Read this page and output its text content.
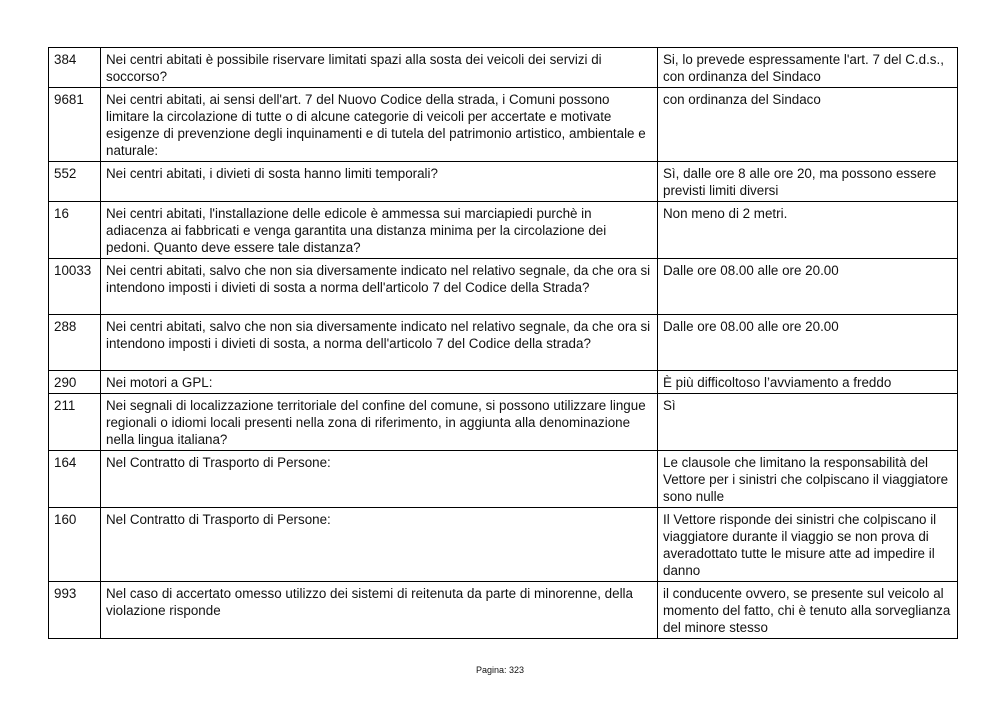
384	Nei centri abitati è possibile riservare limitati spazi alla sosta dei veicoli dei servizi di soccorso?	Si, lo prevede espressamente l'art. 7 del C.d.s., con ordinanza del Sindaco
9681	Nei centri abitati, ai sensi dell'art. 7 del Nuovo Codice della strada, i Comuni possono limitare la circolazione di tutte o di alcune categorie di veicoli per accertate e motivate esigenze di prevenzione degli inquinamenti e di tutela del patrimonio artistico, ambientale e naturale:	con ordinanza del Sindaco
552	Nei centri abitati, i divieti di sosta hanno limiti temporali?	Sì, dalle ore 8 alle ore 20, ma possono essere previsti limiti diversi
16	Nei centri abitati, l'installazione delle edicole è ammessa sui marciapiedi purchè in adiacenza ai fabbricati e venga garantita una distanza minima per la circolazione dei pedoni. Quanto deve essere tale distanza?	Non meno di 2 metri.
10033	Nei centri abitati, salvo che non sia diversamente indicato nel relativo segnale, da che ora si intendono imposti i divieti di sosta a norma dell'articolo 7 del Codice della Strada?	Dalle ore 08.00 alle ore 20.00
288	Nei centri abitati, salvo che non sia diversamente indicato nel relativo segnale, da che ora si intendono imposti i divieti di sosta, a norma dell'articolo 7 del Codice della strada?	Dalle ore 08.00 alle ore 20.00
290	Nei motori a GPL:	È più difficoltoso l’avviamento a freddo
211	Nei segnali di localizzazione territoriale del confine del comune, si possono utilizzare lingue regionali o idiomi locali presenti nella zona di riferimento, in aggiunta alla denominazione nella lingua italiana?	Sì
164	Nel Contratto di Trasporto di Persone:	Le clausole che limitano la responsabilità del Vettore per i sinistri che colpiscano il viaggiatore sono nulle
160	Nel Contratto di Trasporto di Persone:	Il Vettore risponde dei sinistri che colpiscano il viaggiatore durante il viaggio se non prova di averadottato tutte le misure atte ad impedire il danno
993	Nel caso di accertato omesso utilizzo dei sistemi di reitenuta da parte di minorenne, della violazione risponde	il conducente ovvero, se presente sul veicolo al momento del fatto, chi è tenuto alla sorveglianza del minore stesso
Pagina: 323
